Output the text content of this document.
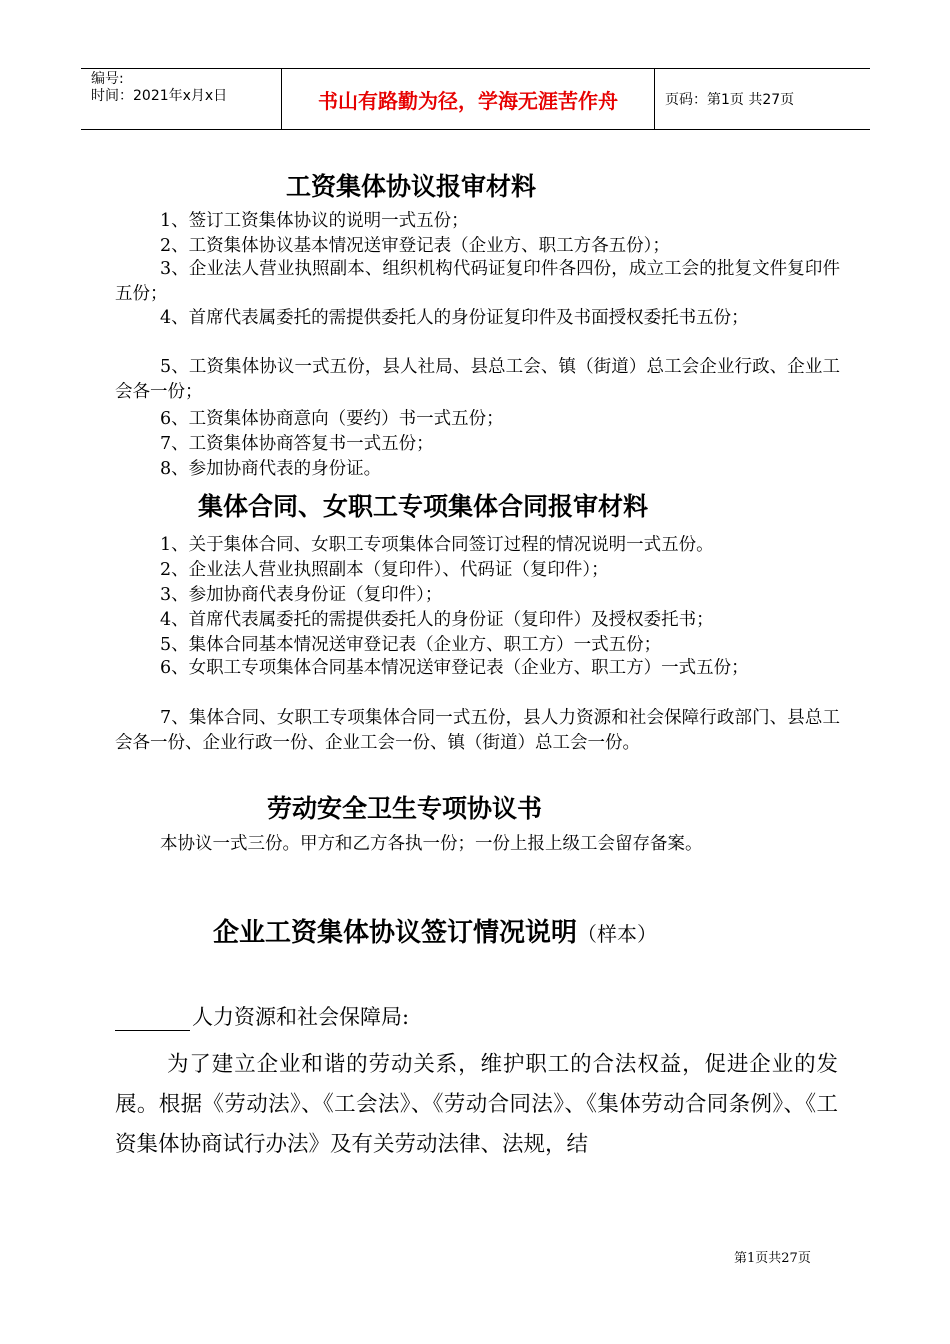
编号:
时间：2021年x月x日	书山有路勤为径，学海无涯苦作舟	页码：第1页 共27页
工资集体协议报审材料
1、签订工资集体协议的说明一式五份；
2、工资集体协议基本情况送审登记表（企业方、职工方各五份）；

3、企业法人营业执照副本、组织机构代码证复印件各四份，成立工会的批复文件复印件五份；

4、首席代表属委托的需提供委托人的身份证复印件及书面授权委托书五份；

5、工资集体协议一式五份，县人社局、县总工会、镇（街道）总工会企业行政、企业工会各一份；

6、工资集体协商意向（要约）书一式五份；
7、工资集体协商答复书一式五份；
8、参加协商代表的身份证。
集体合同、女职工专项集体合同报审材料
1、关于集体合同、女职工专项集体合同签订过程的情况说明一式五份。
2、企业法人营业执照副本（复印件）、代码证（复印件）；
3、参加协商代表身份证（复印件）；
4、首席代表属委托的需提供委托人的身份证（复印件）及授权委托书；
5、集体合同基本情况送审登记表（企业方、职工方）一式五份；

6、女职工专项集体合同基本情况送审登记表（企业方、职工方）一式五份；

7、集体合同、女职工专项集体合同一式五份，县人力资源和社会保障行政部门、县总工会各一份、企业行政一份、企业工会一份、镇（街道）总工会一份。

劳动安全卫生专项协议书
本协议一式三份。甲方和乙方各执一份；一份上报上级工会留存备案。
企业工资集体协议签订情况说明（样本）
人力资源和社会保障局:

为了建立企业和谐的劳动关系，维护职工的合法权益，促进企业的发展。根据《劳动法》、《工会法》、《劳动合同法》、《集体劳动合同条例》、《工资集体协商试行办法》及有关劳动法律、法规，结

第1页共27页
